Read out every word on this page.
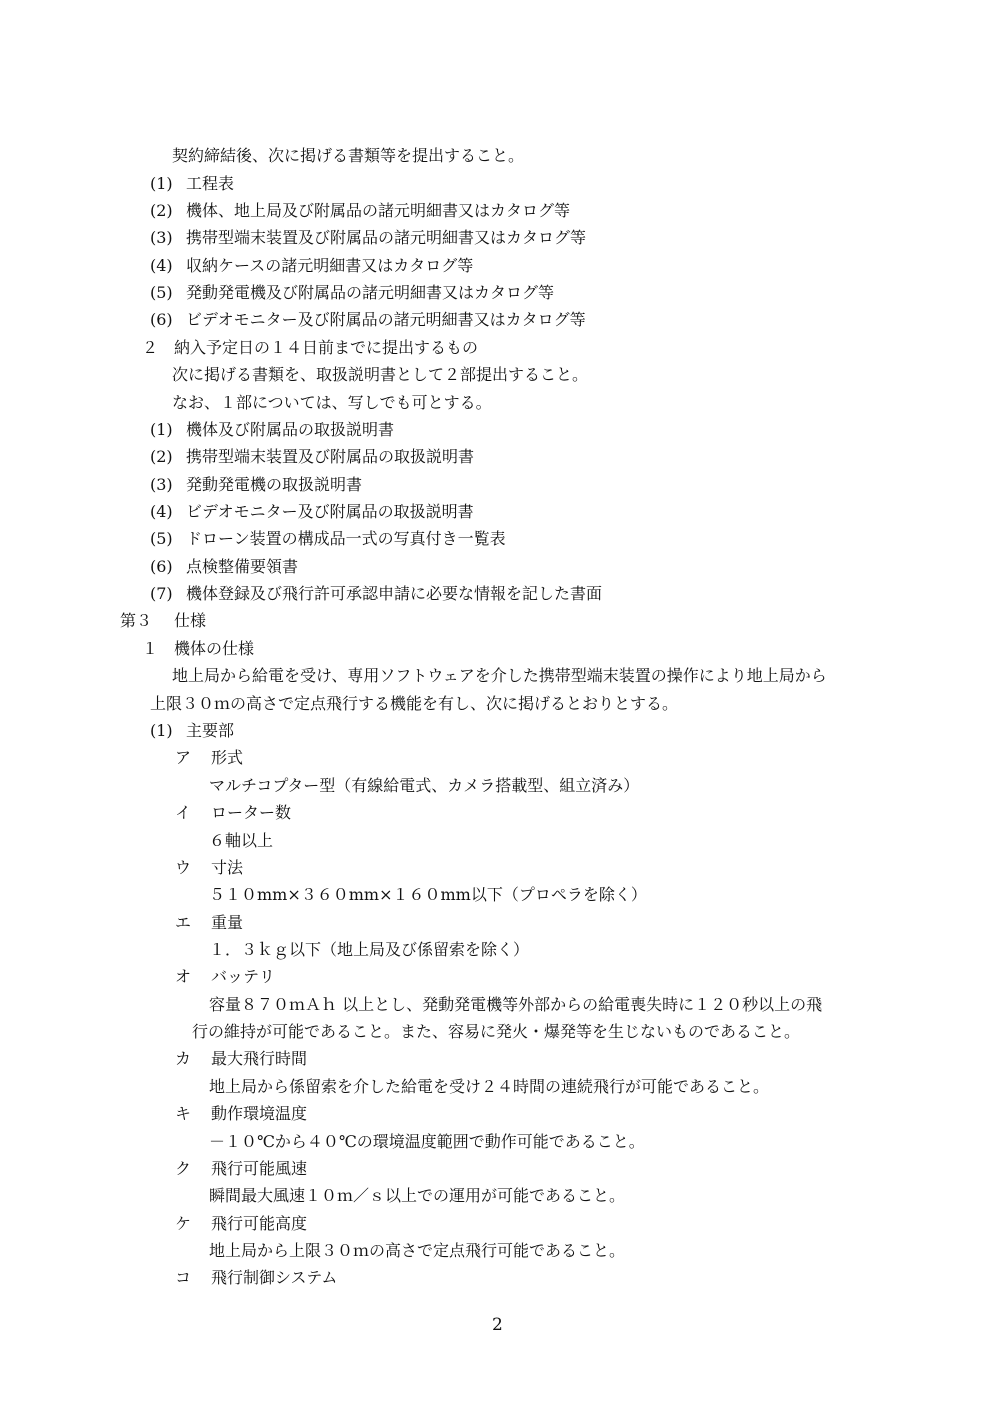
契約締結後、次に掲げる書類等を提出すること。
(1) 工程表
(2) 機体、地上局及び附属品の諸元明細書又はカタログ等
(3) 携帯型端末装置及び附属品の諸元明細書又はカタログ等
(4) 収納ケースの諸元明細書又はカタログ等
(5) 発動発電機及び附属品の諸元明細書又はカタログ等
(6) ビデオモニター及び附属品の諸元明細書又はカタログ等
２ 納入予定日の１４日前までに提出するもの
次に掲げる書類を、取扱説明書として２部提出すること。
なお、１部については、写しでも可とする。
(1) 機体及び附属品の取扱説明書
(2) 携帯型端末装置及び附属品の取扱説明書
(3) 発動発電機の取扱説明書
(4) ビデオモニター及び附属品の取扱説明書
(5) ドローン装置の構成品一式の写真付き一覧表
(6) 点検整備要領書
(7) 機体登録及び飛行許可承認申請に必要な情報を記した書面
第３ 仕様
１ 機体の仕様
地上局から給電を受け、専用ソフトウェアを介した携帯型端末装置の操作により地上局から
上限３０ｍの高さで定点飛行する機能を有し、次に掲げるとおりとする。
(1) 主要部
ア 形式
マルチコプター型（有線給電式、カメラ搭載型、組立済み）
イ ローター数
６軸以上
ウ 寸法
５１０mm×３６０mm×１６０mm以下（プロペラを除く）
エ 重量
１．３ｋｇ以下（地上局及び係留索を除く）
オ バッテリ
容量８７０ｍＡｈ 以上とし、発動発電機等外部からの給電喪失時に１２０秒以上の飛
行の維持が可能であること。また、容易に発火・爆発等を生じないものであること。
カ 最大飛行時間
地上局から係留索を介した給電を受け２４時間の連続飛行が可能であること。
キ 動作環境温度
－１０℃から４０℃の環境温度範囲で動作可能であること。
ク 飛行可能風速
瞬間最大風速１０ｍ／ｓ以上での運用が可能であること。
ケ 飛行可能高度
地上局から上限３０ｍの高さで定点飛行可能であること。
コ 飛行制御システム
2
